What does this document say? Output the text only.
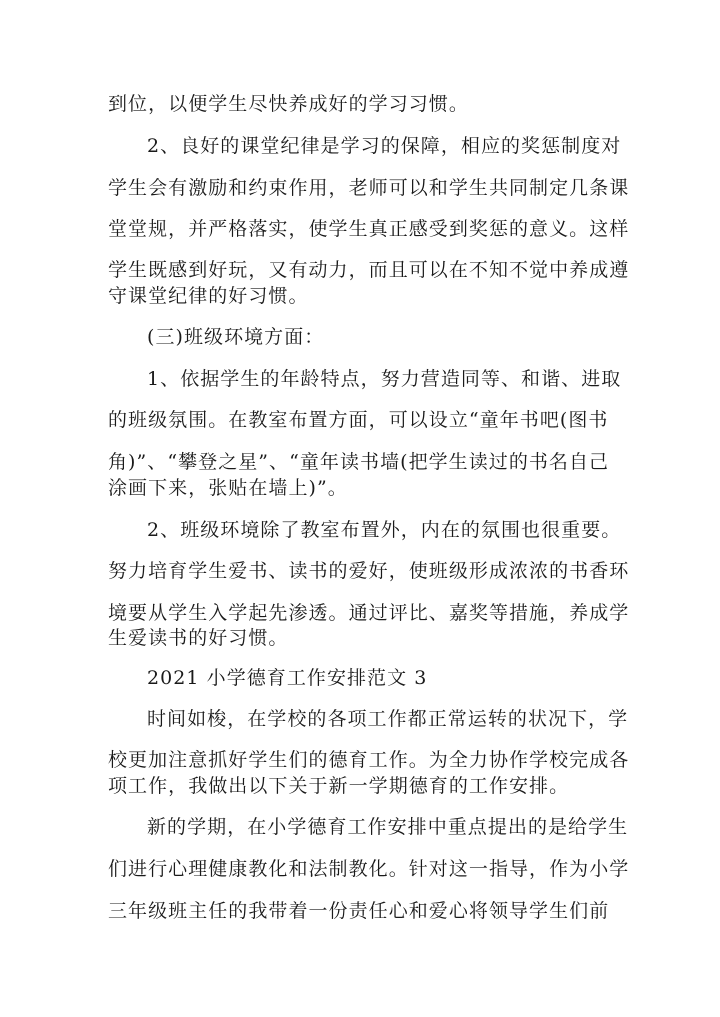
到位，以便学生尽快养成好的学习习惯。
2、良好的课堂纪律是学习的保障，相应的奖惩制度对
学生会有激励和约束作用，老师可以和学生共同制定几条课
堂堂规，并严格落实，使学生真正感受到奖惩的意义。这样
学生既感到好玩，又有动力，而且可以在不知不觉中养成遵
守课堂纪律的好习惯。
(三)班级环境方面：
1、依据学生的年龄特点，努力营造同等、和谐、进取
的班级氛围。在教室布置方面，可以设立“童年书吧(图书
角)”、“攀登之星”、“童年读书墙(把学生读过的书名自己
涂画下来，张贴在墙上)”。
2、班级环境除了教室布置外，内在的氛围也很重要。
努力培育学生爱书、读书的爱好，使班级形成浓浓的书香环
境要从学生入学起先渗透。通过评比、嘉奖等措施，养成学
生爱读书的好习惯。
2021 小学德育工作安排范文 3
时间如梭，在学校的各项工作都正常运转的状况下，学
校更加注意抓好学生们的德育工作。为全力协作学校完成各
项工作，我做出以下关于新一学期德育的工作安排。
新的学期，在小学德育工作安排中重点提出的是给学生
们进行心理健康教化和法制教化。针对这一指导，作为小学
三年级班主任的我带着一份责任心和爱心将领导学生们前
